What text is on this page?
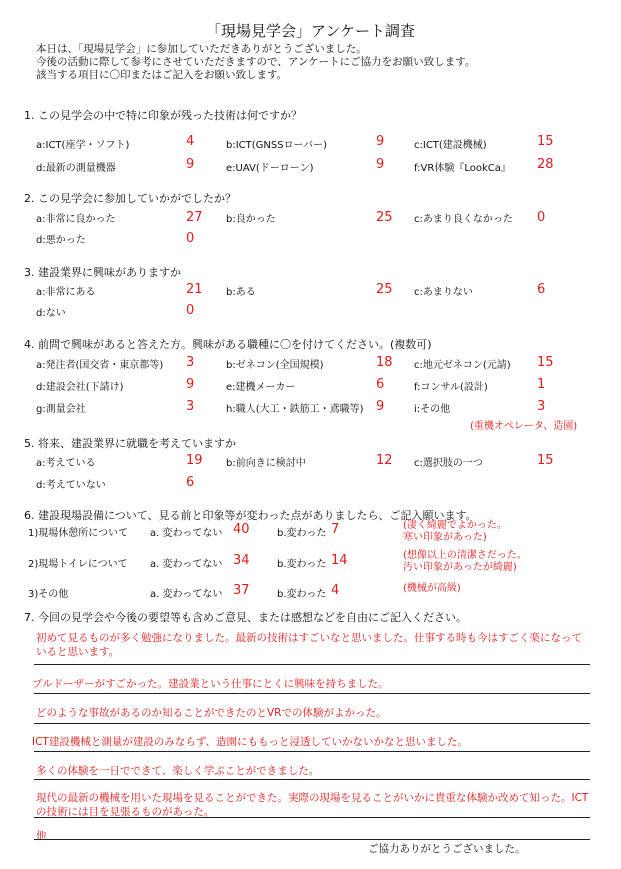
「現場見学会」アンケート調査
本日は、「現場見学会」に参加していただきありがとうございました。
今後の活動に際して参考にさせていただきますので、アンケートにご協力をお願い致します。
該当する項目に〇印またはご記入をお願い致します。
1. この見学会の中で特に印象が残った技術は何ですか？
a:ICT(座学・ソフト)	4	b:ICT(GNSSローバー)	9	c:ICT(建設機械)	15
d:最新の測量機器	9	e:UAV(ドーローン)	9	f:VR体験『LookCa』 28
2. この見学会に参加していかがでしたか？
a:非常に良かった	27 b:良かった	25 c:あまり良くなかった 0
d:悪かった	0
3. 建設業界に興味がありますか
a:非常にある	21 b:ある	25 c:あまりない	6
d:ない	0
4. 前問で興味があると答えた方。興味がある職種に〇を付けてください。(複数可)
a:発注者(国交省・東京都等) 3	b:ゼネコン(全国規模)	18 c:地元ゼネコン(元請) 15
d:建設会社(下請け)	9	e:建機メーカー	6	f:コンサル(設計)	1
g:測量会社	3	h:職人(大工・鉄筋工・鳶職等) 9	i:その他	3
(重機オペレータ、造園)
5. 将来、建設業界に就職を考えていますか
a:考えている	19 b:前向きに検討中	12 c:選択肢の一つ	15
d:考えていない	6
6. 建設現場設備について、見る前と印象等が変わった点がありましたら、ご記入願います。
1)現場休憩所について a. 変わってない 40	b.変わった 7	(凄く綺麗でよかった。
寒い印象があった)
2)現場トイレについて a. 変わってない 34	b.変わった 14	(想像以上の清潔さだった。
汚い印象があったが綺麗)
3)その他	a. 変わってない 37	b.変わった 4	(機械が高級)
7. 今回の見学会や今後の要望等も含めご意見、または感想などを自由にご記入ください。
初めて見るものが多く勉強になりました。最新の技術はすごいなと思いました。仕事する時も今はすごく楽になっていると思います。
ブルドーザーがすごかった。建設業という仕事にとくに興味を持ちました。
どのような事故があるのか知ることができたのとVRでの体験がよかった。
ICT建設機械と測量が建設のみならず、造園にももっと浸透していかないかなと思いました。
多くの体験を一日でできて、楽しく学ぶことができました。
現代の最新の機械を用いた現場を見ることができた。実際の現場を見ることがいかに貴重な体験か改めて知った。ICTの技術には目を見張るものがあった。
他
ご協力ありがとうございました。
